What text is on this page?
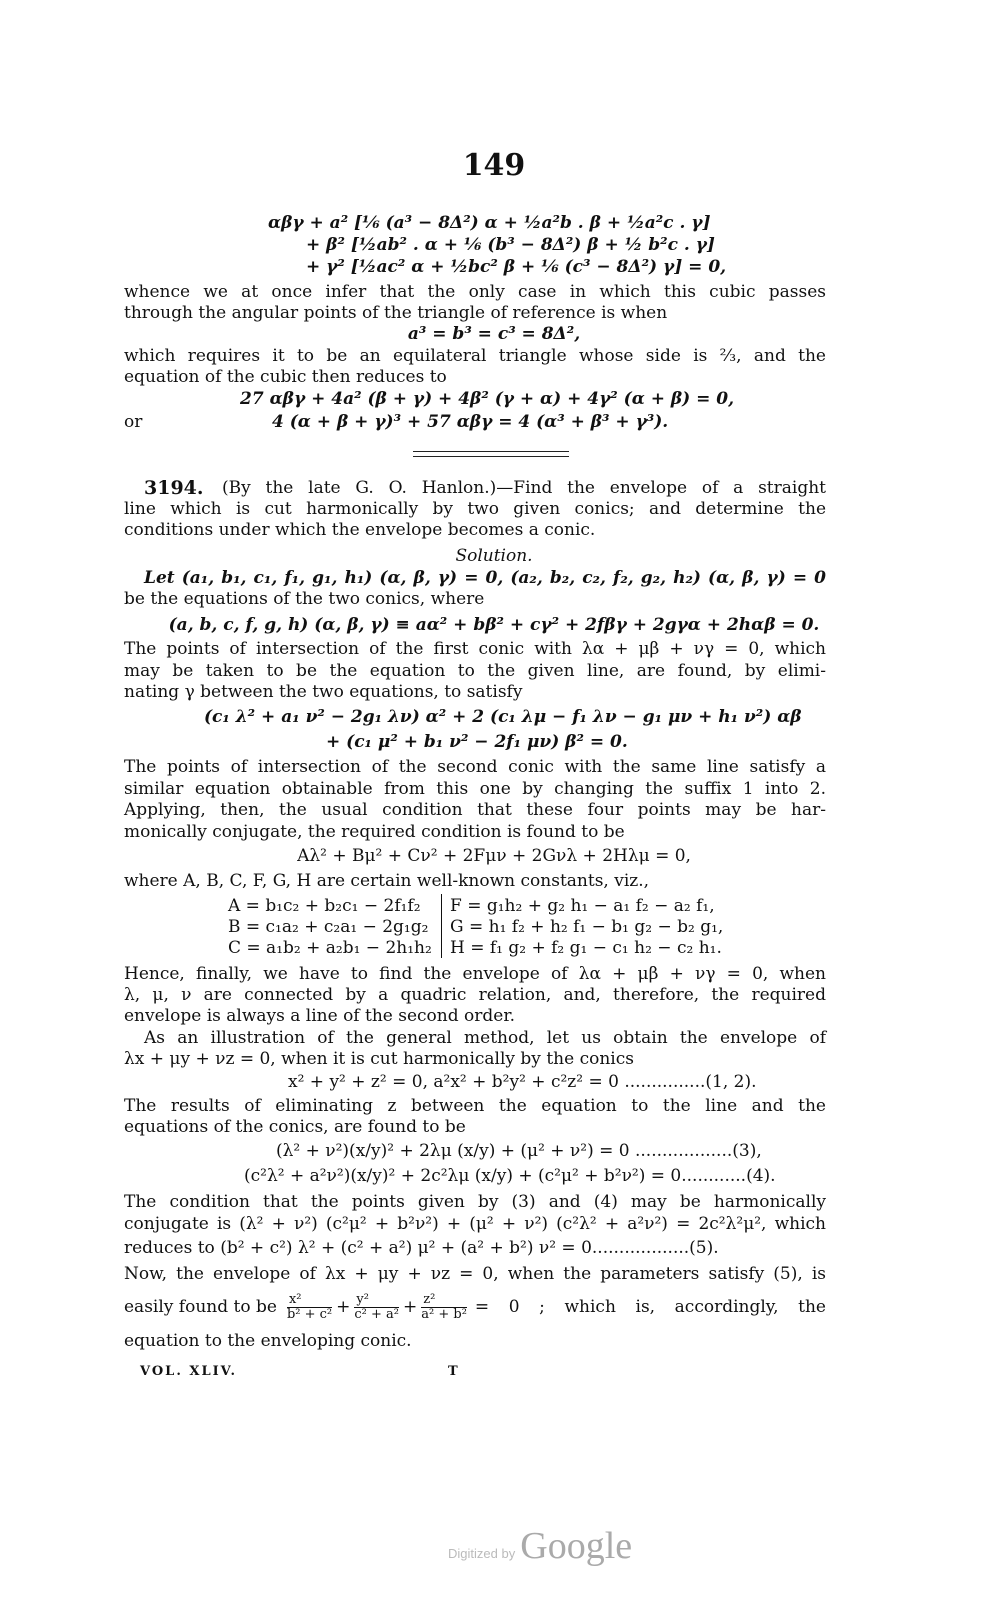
149
αβγ + a² [⅙ (a³ − 8Δ²) α + ½a²b . β + ½a²c . γ]
+ β² [½ab² . α + ⅙ (b³ − 8Δ²) β + ½ b²c . γ]
+ γ² [½ac² α + ½bc² β + ⅙ (c³ − 8Δ²) γ] = 0,
whence we at once infer that the only case in which this cubic passes
through the angular points of the triangle of reference is when
a³ = b³ = c³ = 8Δ²,
which requires it to be an equilateral triangle whose side is ⅔, and the
equation of the cubic then reduces to
27 αβγ + 4a² (β + γ) + 4β² (γ + α) + 4γ² (α + β) = 0,
or	4 (α + β + γ)³ + 57 αβγ = 4 (α³ + β³ + γ³).
3194. (By the late G. O. Hanlon.)—Find the envelope of a straight
line which is cut harmonically by two given conics; and determine the
conditions under which the envelope becomes a conic.
Solution.
Let (a₁, b₁, c₁, f₁, g₁, h₁) (α, β, γ) = 0, (a₂, b₂, c₂, f₂, g₂, h₂) (α, β, γ) = 0
be the equations of the two conics, where
(a, b, c, f, g, h) (α, β, γ) ≡ aα² + bβ² + cγ² + 2fβγ + 2gγα + 2hαβ = 0.
The points of intersection of the first conic with λα + μβ + νγ = 0, which
may be taken to be the equation to the given line, are found, by elimi-
nating γ between the two equations, to satisfy
(c₁ λ² + a₁ ν² − 2g₁ λν) α² + 2 (c₁ λμ − f₁ λν − g₁ μν + h₁ ν²) αβ
+ (c₁ μ² + b₁ ν² − 2f₁ μν) β² = 0.
The points of intersection of the second conic with the same line satisfy a
similar equation obtainable from this one by changing the suffix 1 into 2.
Applying, then, the usual condition that these four points may be har-
monically conjugate, the required condition is found to be
Aλ² + Bμ² + Cν² + 2Fμν + 2Gνλ + 2Hλμ = 0,
where A, B, C, F, G, H are certain well-known constants, viz.,
A = b₁c₂ + b₂c₁ − 2f₁f₂
B = c₁a₂ + c₂a₁ − 2g₁g₂
C = a₁b₂ + a₂b₁ − 2h₁h₂
F = g₁h₂ + g₂ h₁ − a₁ f₂ − a₂ f₁,
G = h₁ f₂ + h₂ f₁ − b₁ g₂ − b₂ g₁,
H = f₁ g₂ + f₂ g₁ − c₁ h₂ − c₂ h₁.
Hence, finally, we have to find the envelope of λα + μβ + νγ = 0, when
λ, μ, ν are connected by a quadric relation, and, therefore, the required
envelope is always a line of the second order.
As an illustration of the general method, let us obtain the envelope of
λx + μy + νz = 0, when it is cut harmonically by the conics
x² + y² + z² = 0, a²x² + b²y² + c²z² = 0 ...............(1, 2).
The results of eliminating z between the equation to the line and the
equations of the conics, are found to be
(λ² + ν²)(x/y)² + 2λμ (x/y) + (μ² + ν²) = 0 ..................(3),
(c²λ² + a²ν²)(x/y)² + 2c²λμ (x/y) + (c²μ² + b²ν²) = 0............(4).
The condition that the points given by (3) and (4) may be harmonically
conjugate is (λ² + ν²) (c²μ² + b²ν²) + (μ² + ν²) (c²λ² + a²ν²) = 2c²λ²μ², which
reduces to (b² + c²) λ² + (c² + a²) μ² + (a² + b²) ν² = 0..................(5).
Now, the envelope of λx + μy + νz = 0, when the parameters satisfy (5), is
easily found to be x²
$b^2 + c^2 + \frac{\text{y²}}{\text{c² + a²}} + \frac{\text{z²}}{\text{a² + b²}} = 0$ ; which is, accordingly, the
equation to the enveloping conic.
VOL. XLIV.	T
Digitized by Google
